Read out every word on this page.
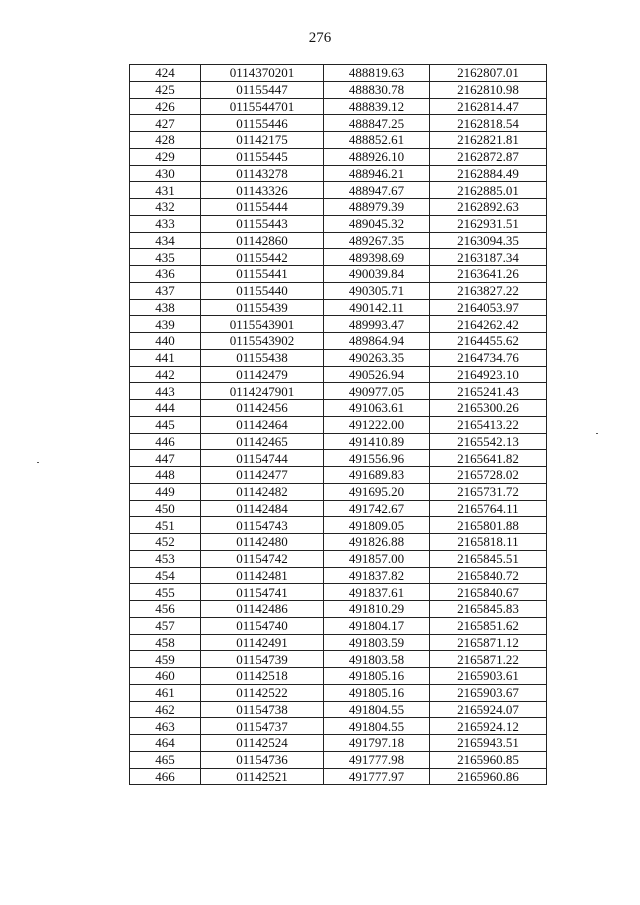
276
424	0114370201	488819.63	2162807.01
425	01155447	488830.78	2162810.98
426	0115544701	488839.12	2162814.47
427	01155446	488847.25	2162818.54
428	01142175	488852.61	2162821.81
429	01155445	488926.10	2162872.87
430	01143278	488946.21	2162884.49
431	01143326	488947.67	2162885.01
432	01155444	488979.39	2162892.63
433	01155443	489045.32	2162931.51
434	01142860	489267.35	2163094.35
435	01155442	489398.69	2163187.34
436	01155441	490039.84	2163641.26
437	01155440	490305.71	2163827.22
438	01155439	490142.11	2164053.97
439	0115543901	489993.47	2164262.42
440	0115543902	489864.94	2164455.62
441	01155438	490263.35	2164734.76
442	01142479	490526.94	2164923.10
443	0114247901	490977.05	2165241.43
444	01142456	491063.61	2165300.26
445	01142464	491222.00	2165413.22
446	01142465	491410.89	2165542.13
447	01154744	491556.96	2165641.82
448	01142477	491689.83	2165728.02
449	01142482	491695.20	2165731.72
450	01142484	491742.67	2165764.11
451	01154743	491809.05	2165801.88
452	01142480	491826.88	2165818.11
453	01154742	491857.00	2165845.51
454	01142481	491837.82	2165840.72
455	01154741	491837.61	2165840.67
456	01142486	491810.29	2165845.83
457	01154740	491804.17	2165851.62
458	01142491	491803.59	2165871.12
459	01154739	491803.58	2165871.22
460	01142518	491805.16	2165903.61
461	01142522	491805.16	2165903.67
462	01154738	491804.55	2165924.07
463	01154737	491804.55	2165924.12
464	01142524	491797.18	2165943.51
465	01154736	491777.98	2165960.85
466	01142521	491777.97	2165960.86
